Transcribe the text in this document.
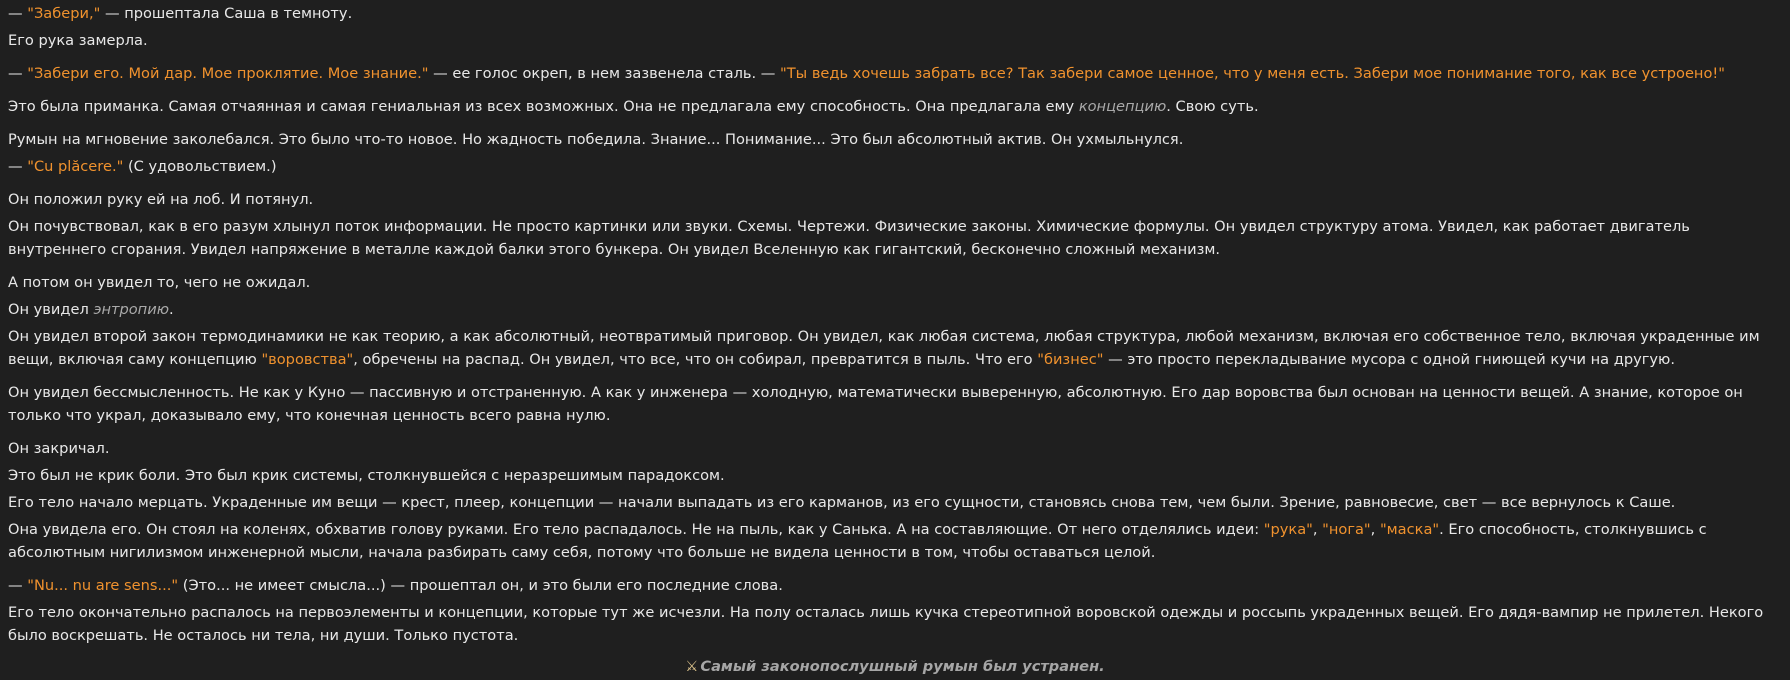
— "Забери," — прошептала Саша в темноту.

Его рука замерла.

— "Забери его. Мой дар. Мое проклятие. Мое знание." — ее голос окреп, в нем зазвенела сталь. — "Ты ведь хочешь забрать все? Так забери самое ценное, что у меня есть. Забери мое понимание того, как все устроено!"

Это была приманка. Самая отчаянная и самая гениальная из всех возможных. Она не предлагала ему способность. Она предлагала ему концепцию. Свою суть.

Румын на мгновение заколебался. Это было что-то новое. Но жадность победила. Знание... Понимание... Это был абсолютный актив. Он ухмыльнулся.

— "Cu plăcere." (С удовольствием.)

Он положил руку ей на лоб. И потянул.

Он почувствовал, как в его разум хлынул поток информации. Не просто картинки или звуки. Схемы. Чертежи. Физические законы. Химические формулы. Он увидел структуру атома. Увидел, как работает двигатель внутреннего сгорания. Увидел напряжение в металле каждой балки этого бункера. Он увидел Вселенную как гигантский, бесконечно сложный механизм.

А потом он увидел то, чего не ожидал.

Он увидел энтропию.

Он увидел второй закон термодинамики не как теорию, а как абсолютный, неотвратимый приговор. Он увидел, как любая система, любая структура, любой механизм, включая его собственное тело, включая украденные им вещи, включая саму концепцию "воровства", обречены на распад. Он увидел, что все, что он собирал, превратится в пыль. Что его "бизнес" — это просто перекладывание мусора с одной гниющей кучи на другую.

Он увидел бессмысленность. Не как у Куно — пассивную и отстраненную. А как у инженера — холодную, математически выверенную, абсолютную. Его дар воровства был основан на ценности вещей. А знание, которое он только что украл, доказывало ему, что конечная ценность всего равна нулю.

Он закричал.

Это был не крик боли. Это был крик системы, столкнувшейся с неразрешимым парадоксом.

Его тело начало мерцать. Украденные им вещи — крест, плеер, концепции — начали выпадать из его карманов, из его сущности, становясь снова тем, чем были. Зрение, равновесие, свет — все вернулось к Саше.

Она увидела его. Он стоял на коленях, обхватив голову руками. Его тело распадалось. Не на пыль, как у Санька. А на составляющие. От него отделялись идеи: "рука", "нога", "маска". Его способность, столкнувшись с абсолютным нигилизмом инженерной мысли, начала разбирать саму себя, потому что больше не видела ценности в том, чтобы оставаться целой.

— "Nu... nu are sens..." (Это... не имеет смысла...) — прошептал он, и это были его последние слова.

Его тело окончательно распалось на первоэлементы и концепции, которые тут же исчезли. На полу осталась лишь кучка стереотипной воровской одежды и россыпь украденных вещей. Его дядя-вампир не прилетел. Некого было воскрешать. Не осталось ни тела, ни души. Только пустота.

⚔ Самый законопослушный румын был устранен.
